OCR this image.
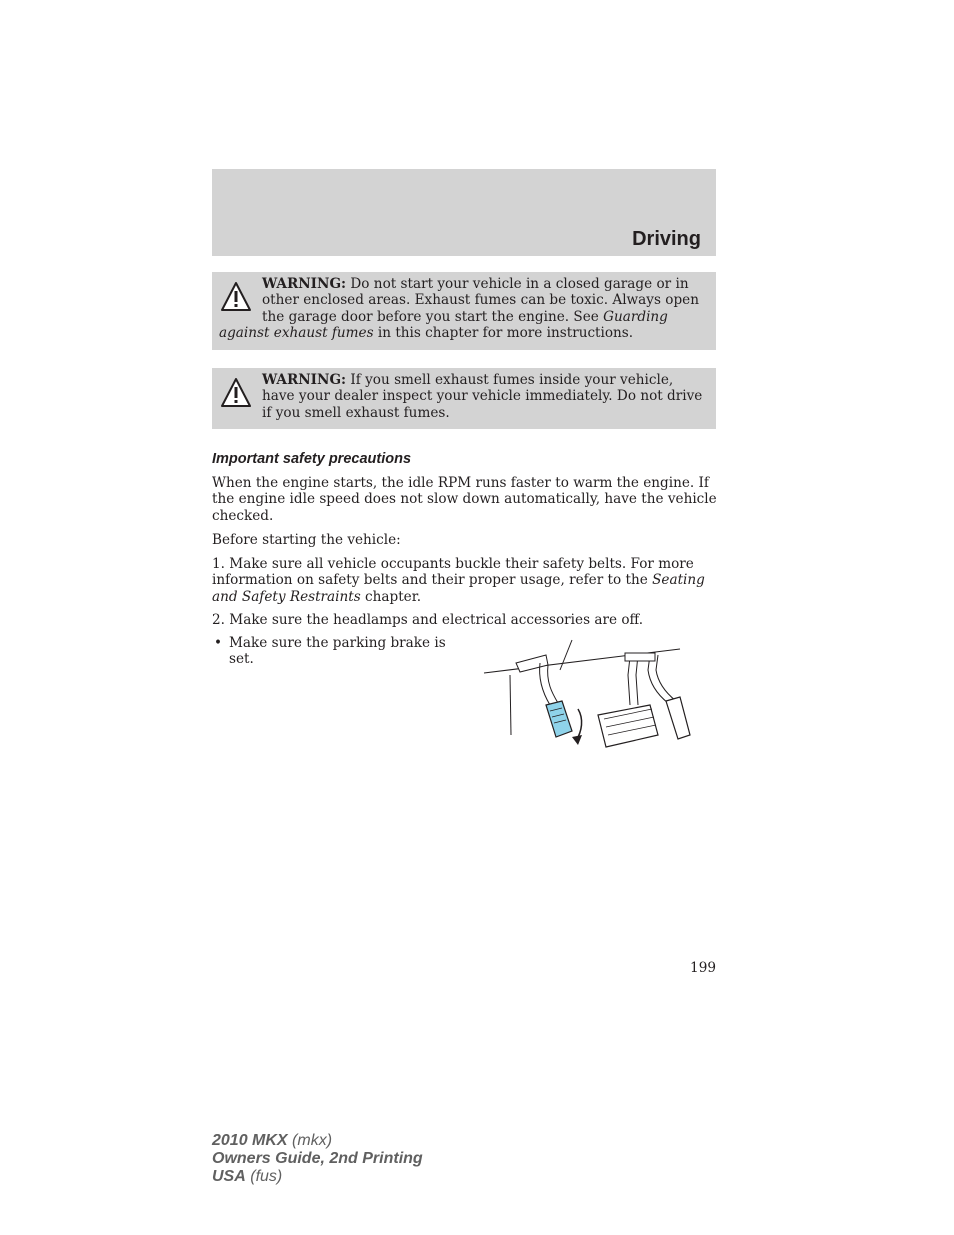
Driving
WARNING: Do not start your vehicle in a closed garage or in other enclosed areas. Exhaust fumes can be toxic. Always open the garage door before you start the engine. See Guarding against exhaust fumes in this chapter for more instructions.
WARNING: If you smell exhaust fumes inside your vehicle, have your dealer inspect your vehicle immediately. Do not drive if you smell exhaust fumes.
Important safety precautions

When the engine starts, the idle RPM runs faster to warm the engine. If the engine idle speed does not slow down automatically, have the vehicle checked.

Before starting the vehicle:

1. Make sure all vehicle occupants buckle their safety belts. For more information on safety belts and their proper usage, refer to the Seating and Safety Restraints chapter.

2. Make sure the headlamps and electrical accessories are off.

• Make sure the parking brake is set.
199
2010 MKX (mkx)
Owners Guide, 2nd Printing
USA (fus)
